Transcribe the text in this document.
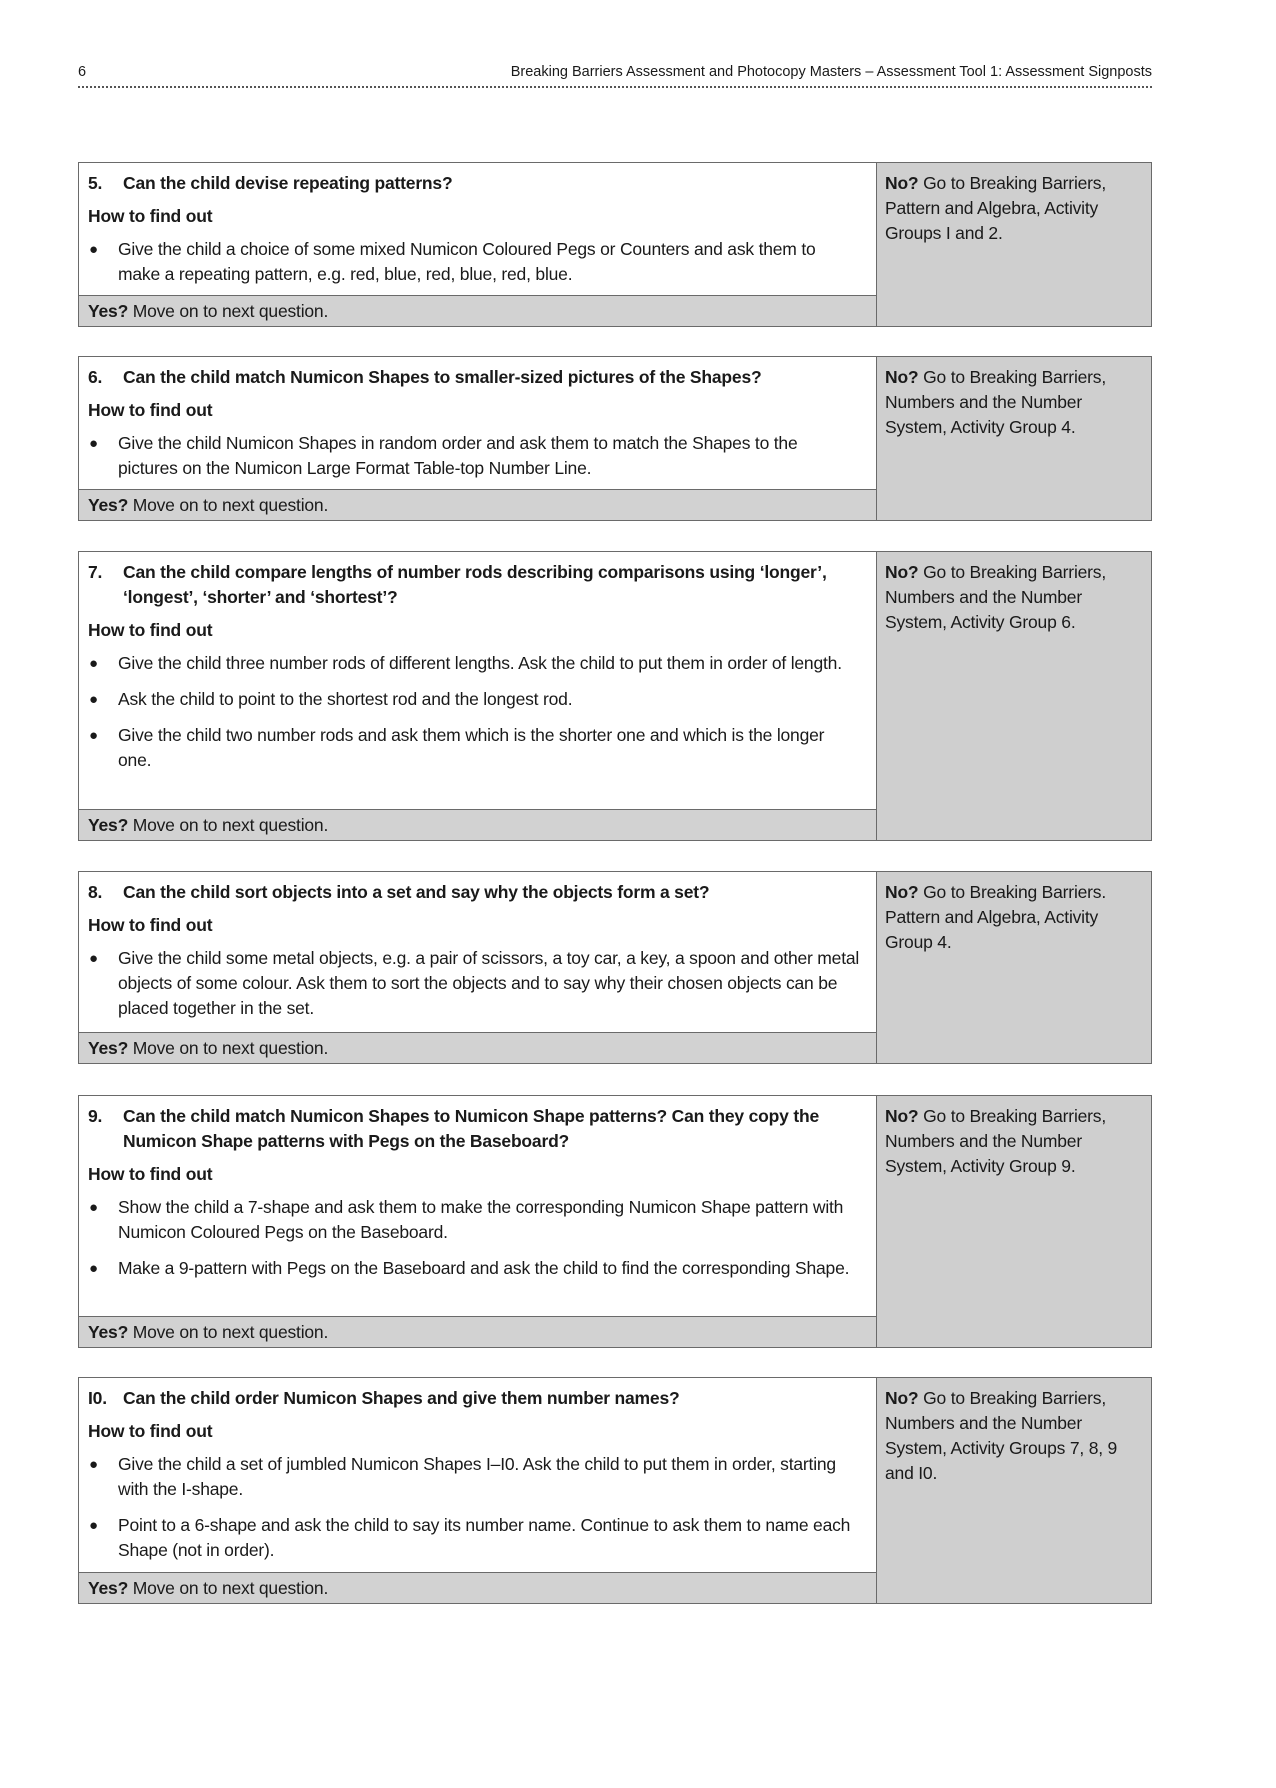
6	Breaking Barriers Assessment and Photocopy Masters – Assessment Tool 1: Assessment Signposts
5.	Can the child devise repeating patterns?
How to find out
●	Give the child a choice of some mixed Numicon Coloured Pegs or Counters and ask them to make a repeating pattern, e.g. red, blue, red, blue, red, blue.
Yes? Move on to next question.
No? Go to Breaking Barriers, Pattern and Algebra, Activity Groups I and 2.
6.	Can the child match Numicon Shapes to smaller-sized pictures of the Shapes?
How to find out
●	Give the child Numicon Shapes in random order and ask them to match the Shapes to the pictures on the Numicon Large Format Table-top Number Line.
Yes? Move on to next question.
No? Go to Breaking Barriers, Numbers and the Number System, Activity Group 4.
7.	Can the child compare lengths of number rods describing comparisons using ‘longer’, ‘longest’, ‘shorter’ and ‘shortest’?
How to find out
●	Give the child three number rods of different lengths. Ask the child to put them in order of length.
●	Ask the child to point to the shortest rod and the longest rod.
●	Give the child two number rods and ask them which is the shorter one and which is the longer one.
Yes? Move on to next question.
No? Go to Breaking Barriers, Numbers and the Number System, Activity Group 6.
8.	Can the child sort objects into a set and say why the objects form a set?
How to find out
●	Give the child some metal objects, e.g. a pair of scissors, a toy car, a key, a spoon and other metal objects of some colour. Ask them to sort the objects and to say why their chosen objects can be placed together in the set.
Yes? Move on to next question.
No? Go to Breaking Barriers. Pattern and Algebra, Activity Group 4.
9.	Can the child match Numicon Shapes to Numicon Shape patterns? Can they copy the Numicon Shape patterns with Pegs on the Baseboard?
How to find out
●	Show the child a 7-shape and ask them to make the corresponding Numicon Shape pattern with Numicon Coloured Pegs on the Baseboard.
●	Make a 9-pattern with Pegs on the Baseboard and ask the child to find the corresponding Shape.
Yes? Move on to next question.
No? Go to Breaking Barriers, Numbers and the Number System, Activity Group 9.
I0. Can the child order Numicon Shapes and give them number names?
How to find out
●	Give the child a set of jumbled Numicon Shapes I–I0. Ask the child to put them in order, starting with the I-shape.
●	Point to a 6-shape and ask the child to say its number name. Continue to ask them to name each Shape (not in order).
Yes? Move on to next question.
No? Go to Breaking Barriers, Numbers and the Number System, Activity Groups 7, 8, 9 and I0.
